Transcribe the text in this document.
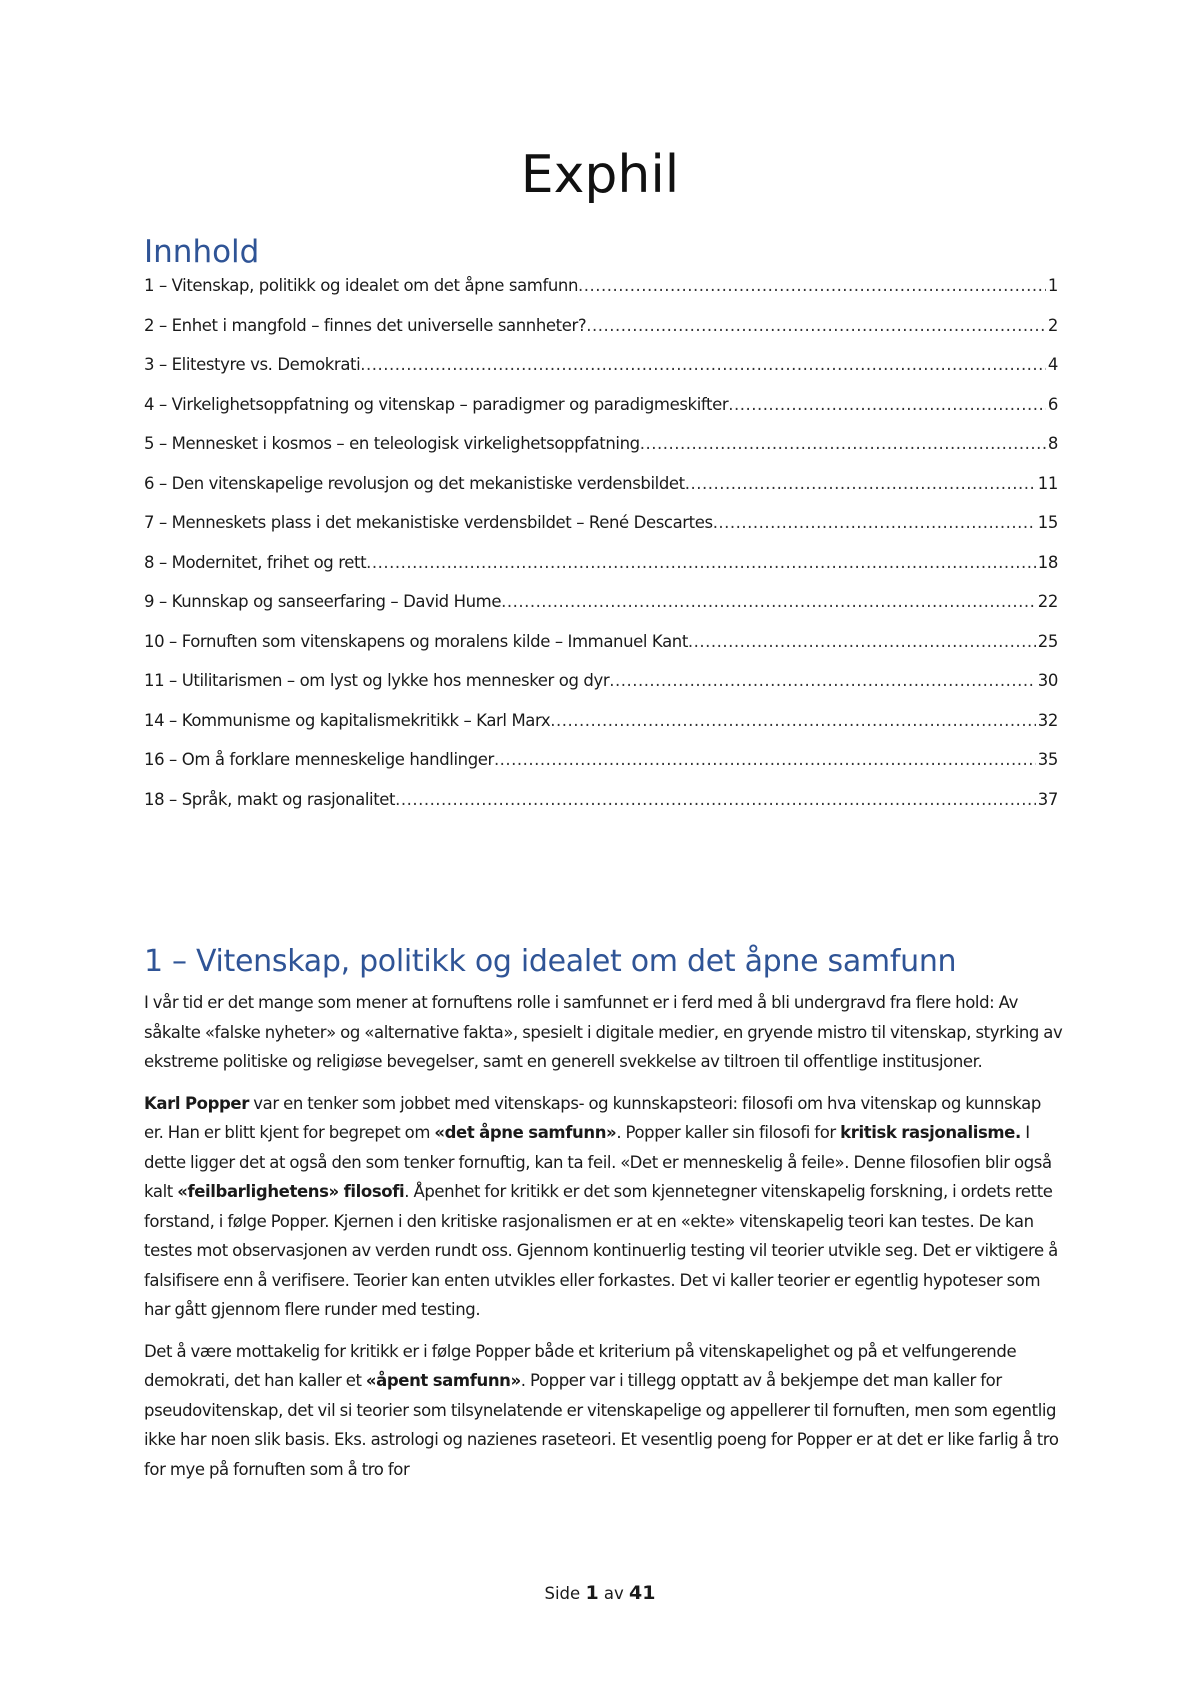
Exphil
Innhold
1 – Vitenskap, politikk og idealet om det åpne samfunn .....	1
2 – Enhet i mangfold – finnes det universelle sannheter? .....	2
3 – Elitestyre vs. Demokrati .....	4
4 – Virkelighetsoppfatning og vitenskap – paradigmer og paradigmeskifter .....	6
5 – Mennesket i kosmos – en teleologisk virkelighetsoppfatning .....	8
6 – Den vitenskapelige revolusjon og det mekanistiske verdensbildet .....	11
7 – Menneskets plass i det mekanistiske verdensbildet – René Descartes .....	15
8 – Modernitet, frihet og rett .....	18
9 – Kunnskap og sanseerfaring – David Hume .....	22
10 – Fornuften som vitenskapens og moralens kilde – Immanuel Kant .....	25
11 – Utilitarismen – om lyst og lykke hos mennesker og dyr .....	30
14 – Kommunisme og kapitalismekritikk – Karl Marx .....	32
16 – Om å forklare menneskelige handlinger .....	35
18 – Språk, makt og rasjonalitet .....	37
1 – Vitenskap, politikk og idealet om det åpne samfunn

I vår tid er det mange som mener at fornuftens rolle i samfunnet er i ferd med å bli undergravd fra flere hold: Av såkalte «falske nyheter» og «alternative fakta», spesielt i digitale medier, en gryende mistro til vitenskap, styrking av ekstreme politiske og religiøse bevegelser, samt en generell svekkelse av tiltroen til offentlige institusjoner.

Karl Popper var en tenker som jobbet med vitenskaps- og kunnskapsteori: filosofi om hva vitenskap og kunnskap er. Han er blitt kjent for begrepet om «det åpne samfunn». Popper kaller sin filosofi for kritisk rasjonalisme. I dette ligger det at også den som tenker fornuftig, kan ta feil. «Det er menneskelig å feile». Denne filosofien blir også kalt «feilbarlighetens» filosofi. Åpenhet for kritikk er det som kjennetegner vitenskapelig forskning, i ordets rette forstand, i følge Popper. Kjernen i den kritiske rasjonalismen er at en «ekte» vitenskapelig teori kan testes. De kan testes mot observasjonen av verden rundt oss. Gjennom kontinuerlig testing vil teorier utvikle seg. Det er viktigere å falsifisere enn å verifisere. Teorier kan enten utvikles eller forkastes. Det vi kaller teorier er egentlig hypoteser som har gått gjennom flere runder med testing.

Det å være mottakelig for kritikk er i følge Popper både et kriterium på vitenskapelighet og på et velfungerende demokrati, det han kaller et «åpent samfunn». Popper var i tillegg opptatt av å bekjempe det man kaller for pseudovitenskap, det vil si teorier som tilsynelatende er vitenskapelige og appellerer til fornuften, men som egentlig ikke har noen slik basis. Eks. astrologi og nazienes raseteori. Et vesentlig poeng for Popper er at det er like farlig å tro for mye på fornuften som å tro for

Side 1 av 41
